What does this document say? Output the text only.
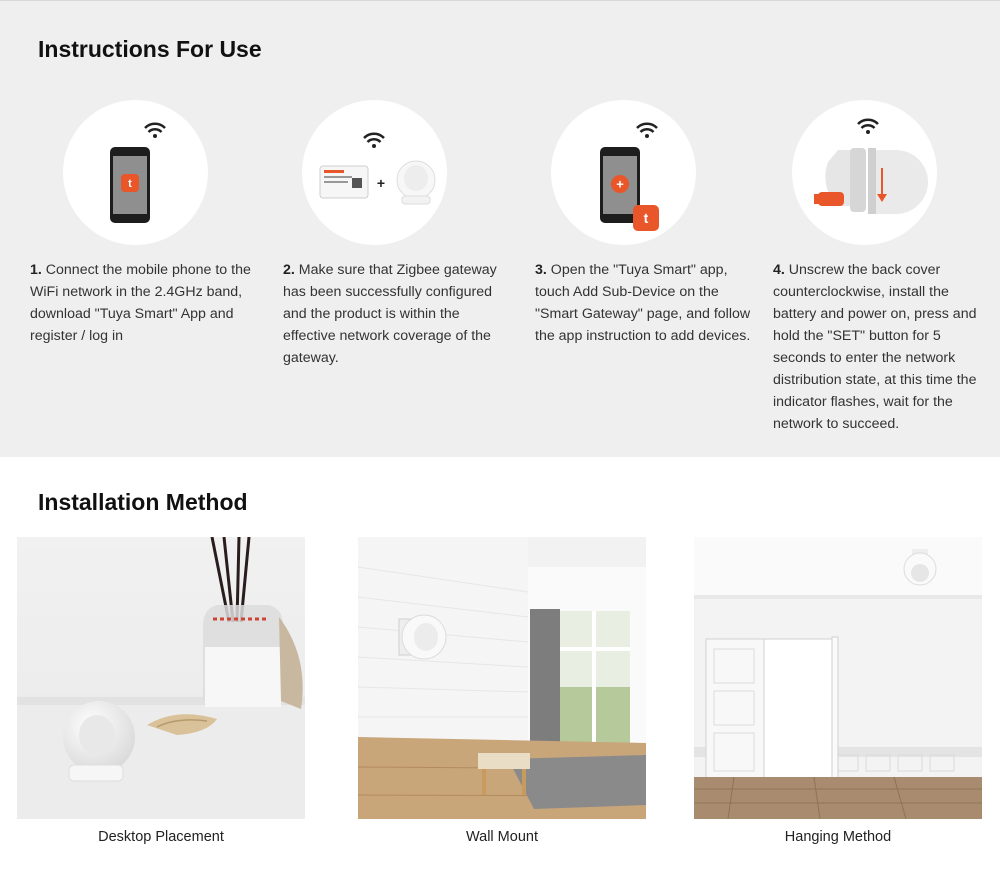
Instructions For Use
t	+	+
t
1. Connect the mobile phone to the WiFi network in the 2.4GHz band, download "Tuya Smart" App and register / log in
2. Make sure that Zigbee gateway has been successfully configured and the product is within the effective network coverage of the gateway.
3. Open the "Tuya Smart" app, touch Add Sub-Device on the "Smart Gateway" page, and follow the app instruction to add devices.
4. Unscrew the back cover counterclockwise, install the battery and power on, press and hold the "SET" button for 5 seconds to enter the network distribution state, at this time the indicator flashes, wait for the network to succeed.
Installation Method
Desktop Placement	Wall Mount	Hanging Method
